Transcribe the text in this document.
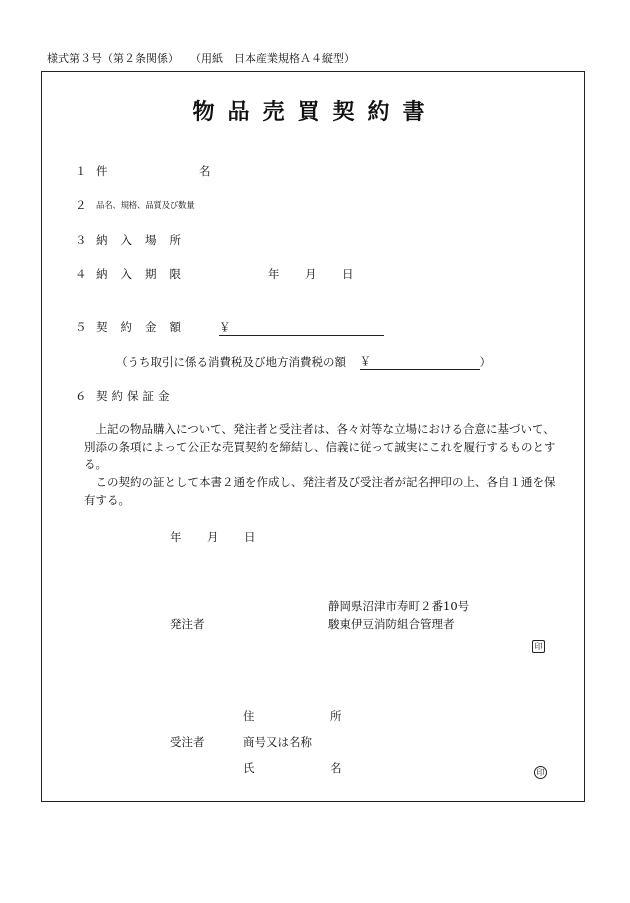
様式第３号（第２条関係）　　（用紙　日本産業規格Ａ４縦型）
物品売買契約書
１ 件　名
２ 品名、規格、品質及び数量
３ 納入場所
４ 納入期限	年 月 日
５ 契約金額 ￥
（うち取引に係る消費税及び地方消費税の額 ￥	）
６ 契約保証金
上記の物品購入について、発注者と受注者は、各々対等な立場における合意に基づいて、別添の条項によって公正な売買契約を締結し、信義に従って誠実にこれを履行するものとする。
この契約の証として本書２通を作成し、発注者及び受注者が記名押印の上、各自１通を保有する。
年 月 日
静岡県沼津市寿町２番10号
発注者	駿東伊豆消防組合管理者
印
住　所
受注者	商号又は名称
氏　名	印
